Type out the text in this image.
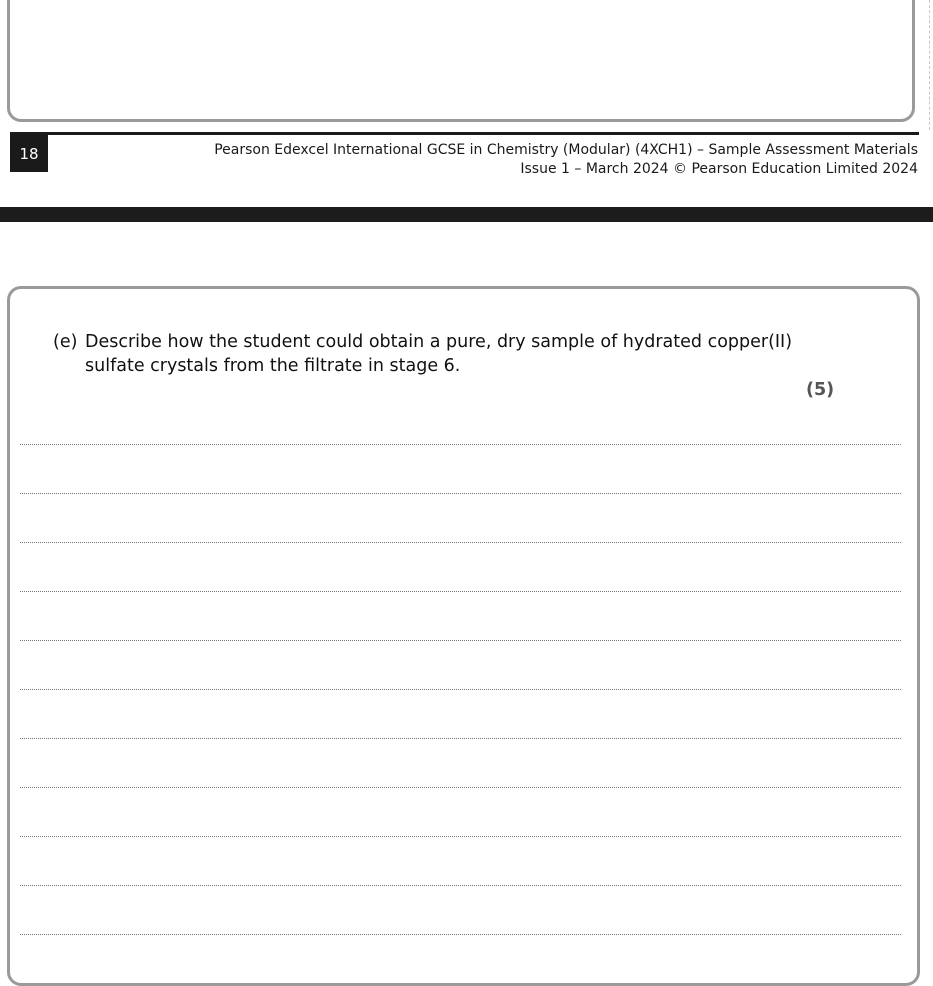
18	Pearson Edexcel International GCSE in Chemistry (Modular) (4XCH1) – Sample Assessment Materials
Issue 1 – March 2024 © Pearson Education Limited 2024
(e) Describe how the student could obtain a pure, dry sample of hydrated copper(II) sulfate crystals from the filtrate in stage 6.
(5)
